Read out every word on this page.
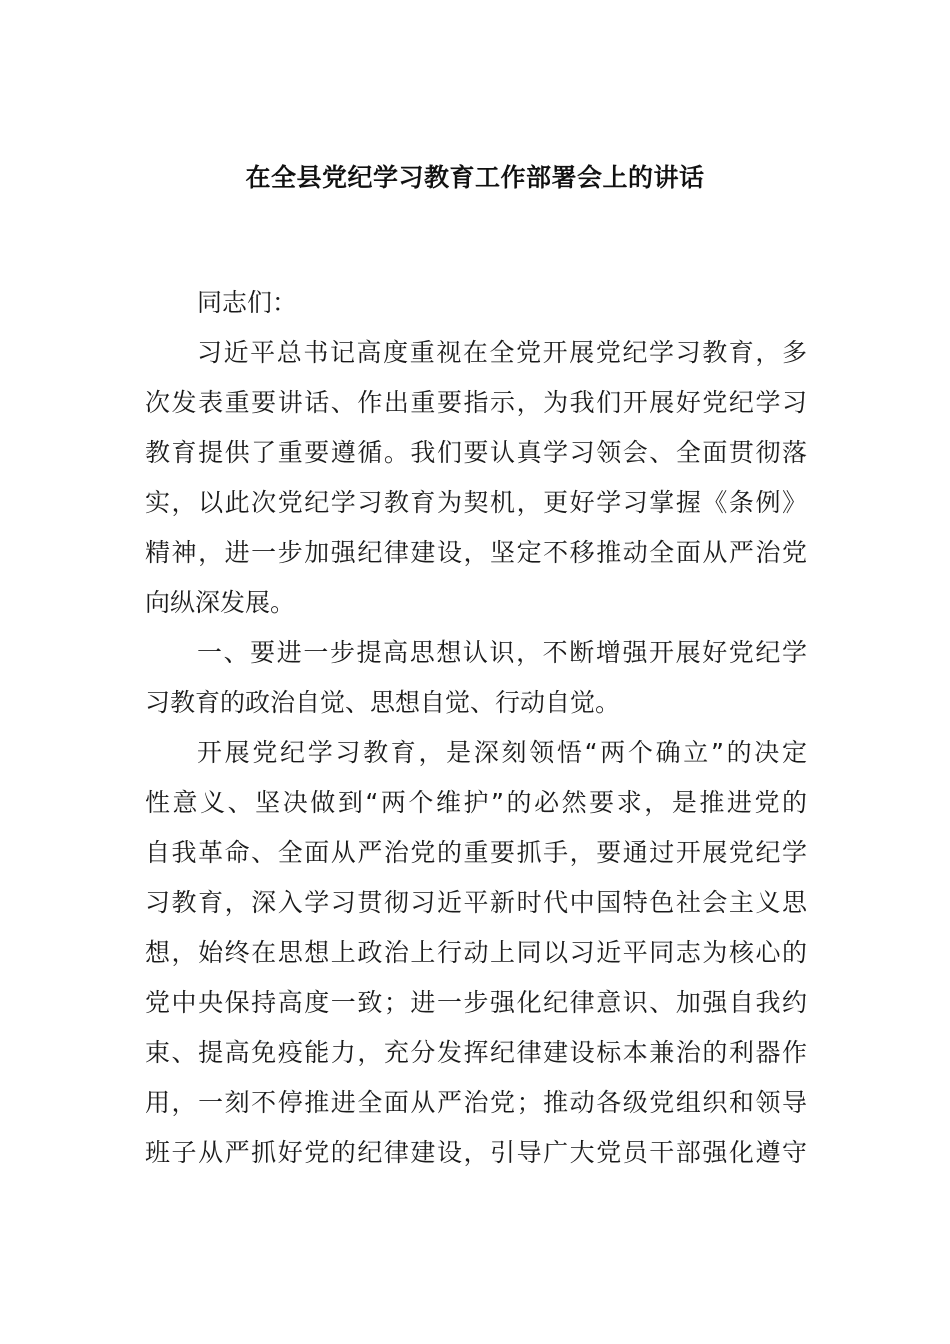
在全县党纪学习教育工作部署会上的讲话
同志们：
习近平总书记高度重视在全党开展党纪学习教育，多
次发表重要讲话、作出重要指示，为我们开展好党纪学习
教育提供了重要遵循。我们要认真学习领会、全面贯彻落
实，以此次党纪学习教育为契机，更好学习掌握《条例》
精神，进一步加强纪律建设，坚定不移推动全面从严治党
向纵深发展。
一、要进一步提高思想认识，不断增强开展好党纪学
习教育的政治自觉、思想自觉、行动自觉。
开展党纪学习教育，是深刻领悟“两个确立”的决定
性意义、坚决做到“两个维护”的必然要求，是推进党的
自我革命、全面从严治党的重要抓手，要通过开展党纪学
习教育，深入学习贯彻习近平新时代中国特色社会主义思
想，始终在思想上政治上行动上同以习近平同志为核心的
党中央保持高度一致；进一步强化纪律意识、加强自我约
束、提高免疫能力，充分发挥纪律建设标本兼治的利器作
用，一刻不停推进全面从严治党；推动各级党组织和领导
班子从严抓好党的纪律建设，引导广大党员干部强化遵守
